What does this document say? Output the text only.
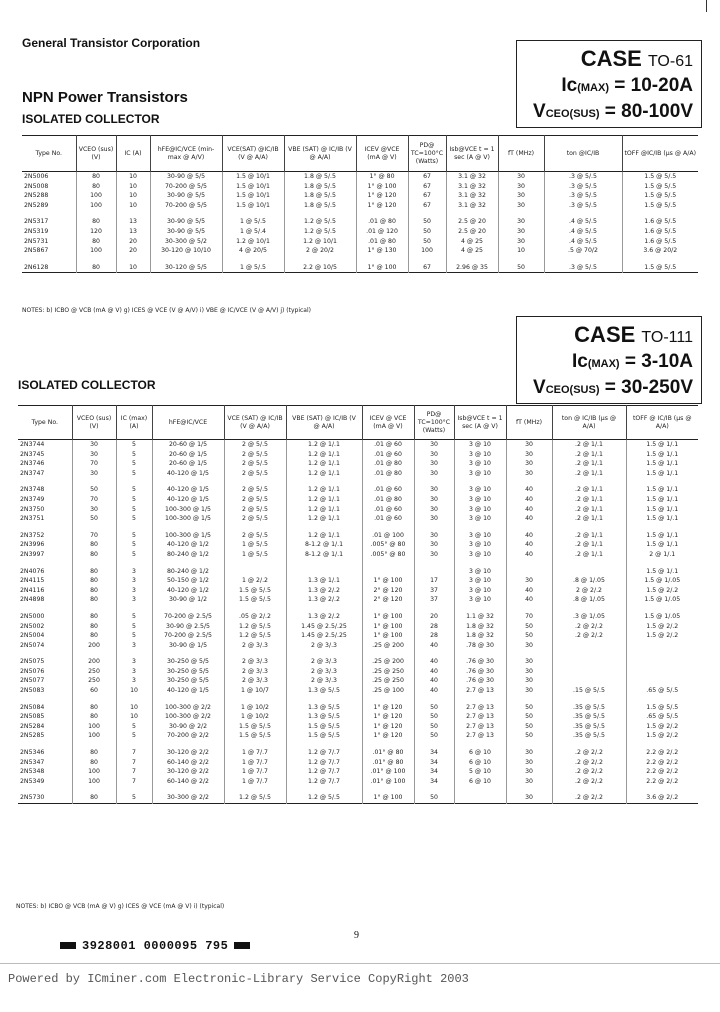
General Transistor Corporation
NPN Power Transistors
ISOLATED COLLECTOR
CASE TO-61
Ic(MAX) = 10-20A
VCEO(SUS) = 80-100V
Type No.	VCEO (sus) (V)	IC (A)	hFE@IC/VCE (min-max @ A/V)	VCE(SAT) @IC/IB (V @ A/A)	VBE (SAT) @ IC/IB (V @ A/A)	ICEV @VCE (mA @ V)	PD@ TC=100°C (Watts)	Isb@VCE t = 1 sec (A @ V)	fT (MHz)	ton @IC/IB	tOFF @IC/IB (µs @ A/A)
2N5006	80	10	30-90 @ 5/5	1.5 @ 10/1	1.8 @ 5/.5	1° @ 80	67	3.1 @ 32	30	.3 @ 5/.5	1.5 @ 5/.5
2N5008	80	10	70-200 @ 5/5	1.5 @ 10/1	1.8 @ 5/.5	1° @ 100	67	3.1 @ 32	30	.3 @ 5/.5	1.5 @ 5/.5
2N5288	100	10	30-90 @ 5/5	1.5 @ 10/1	1.8 @ 5/.5	1° @ 120	67	3.1 @ 32	30	.3 @ 5/.5	1.5 @ 5/.5
2N5289	100	10	70-200 @ 5/5	1.5 @ 10/1	1.8 @ 5/.5	1° @ 120	67	3.1 @ 32	30	.3 @ 5/.5	1.5 @ 5/.5
2N5317	80	13	30-90 @ 5/5	1 @ 5/.5	1.2 @ 5/.5	.01 @ 80	50	2.5 @ 20	30	.4 @ 5/.5	1.6 @ 5/.5
2N5319	120	13	30-90 @ 5/5	1 @ 5/.4	1.2 @ 5/.5	.01 @ 120	50	2.5 @ 20	30	.4 @ 5/.5	1.6 @ 5/.5
2N5731	80	20	30-300 @ 5/2	1.2 @ 10/1	1.2 @ 10/1	.01 @ 80	50	4 @ 25	30	.4 @ 5/.5	1.6 @ 5/.5
2N5867	100	20	30-120 @ 10/10	4 @ 20/5	2 @ 20/2	1° @ 130	100	4 @ 25	10	.5 @ 70/2	3.6 @ 20/2
2N6128	80	10	30-120 @ 5/5	1 @ 5/.5	2.2 @ 10/5	1° @ 100	67	2.96 @ 35	50	.3 @ 5/.5	1.5 @ 5/.5
NOTES: b) ICBO @ VCB (mA @ V) g) ICES @ VCE (V @ A/V) i) VBE @ IC/VCE (V @ A/V) j) (typical)
CASE TO-111
Ic(MAX) = 3-10A
VCEO(SUS) = 30-250V
ISOLATED COLLECTOR
Type No.	VCEO (sus) (V)	IC (max) (A)	hFE@IC/VCE	VCE (SAT) @ IC/IB (V @ A/A)	VBE (SAT) @ IC/IB (V @ A/A)	ICEV @ VCE (mA @ V)	PD@ TC=100°C (Watts)	Isb@VCE t = 1 sec (A @ V)	fT (MHz)	ton @ IC/IB (µs @ A/A)	tOFF @ IC/IB (µs @ A/A)
2N3744	30	5	20-60 @ 1/5	2 @ 5/.5	1.2 @ 1/.1	.01 @ 60	30	3 @ 10	30	.2 @ 1/.1	1.5 @ 1/.1
2N3745	30	5	20-60 @ 1/5	2 @ 5/.5	1.2 @ 1/.1	.01 @ 60	30	3 @ 10	30	.2 @ 1/.1	1.5 @ 1/.1
2N3746	70	5	20-60 @ 1/5	2 @ 5/.5	1.2 @ 1/.1	.01 @ 80	30	3 @ 10	30	.2 @ 1/.1	1.5 @ 1/.1
2N3747	30	5	40-120 @ 1/5	2 @ 5/.5	1.2 @ 1/.1	.01 @ 80	30	3 @ 10	30	.2 @ 1/.1	1.5 @ 1/.1
2N3748	50	5	40-120 @ 1/5	2 @ 5/.5	1.2 @ 1/.1	.01 @ 60	30	3 @ 10	40	.2 @ 1/.1	1.5 @ 1/.1
2N3749	70	5	40-120 @ 1/5	2 @ 5/.5	1.2 @ 1/.1	.01 @ 80	30	3 @ 10	40	.2 @ 1/.1	1.5 @ 1/.1
2N3750	30	5	100-300 @ 1/5	2 @ 5/.5	1.2 @ 1/.1	.01 @ 60	30	3 @ 10	40	.2 @ 1/.1	1.5 @ 1/.1
2N3751	50	5	100-300 @ 1/5	2 @ 5/.5	1.2 @ 1/.1	.01 @ 60	30	3 @ 10	40	.2 @ 1/.1	1.5 @ 1/.1
2N3752	70	5	100-300 @ 1/5	2 @ 5/.5	1.2 @ 1/.1	.01 @ 100	30	3 @ 10	40	.2 @ 1/.1	1.5 @ 1/.1
2N3996	80	5	40-120 @ 1/2	1 @ 5/.5	8-1.2 @ 1/.1	.005° @ 80	30	3 @ 10	40	.2 @ 1/.1	1.5 @ 1/.1
2N3997	80	5	80-240 @ 1/2	1 @ 5/.5	8-1.2 @ 1/.1	.005° @ 80	30	3 @ 10	40	.2 @ 1/.1	2 @ 1/.1
2N4076	80	3	80-240 @ 1/2					3 @ 10			1.5 @ 1/.1
2N4115	80	3	50-150 @ 1/2	1 @ 2/.2	1.3 @ 1/.1	1° @ 100	17	3 @ 10	30	.8 @ 1/.05	1.5 @ 1/.05
2N4116	80	3	40-120 @ 1/2	1.5 @ 5/.5	1.3 @ 2/.2	2° @ 120	37	3 @ 10	40	2 @ 2/.2	1.5 @ 2/.2
2N4898	80	3	30-90 @ 1/2	1.5 @ 5/.5	1.3 @ 2/.2	2° @ 120	37	3 @ 10	40	.8 @ 1/.05	1.5 @ 1/.05
2N5000	80	5	70-200 @ 2.5/5	.05 @ 2/.2	1.3 @ 2/.2	1° @ 100	20	1.1 @ 32	70	.3 @ 1/.05	1.5 @ 1/.05
2N5002	80	5	30-90 @ 2.5/5	1.2 @ 5/.5	1.45 @ 2.5/.25	1° @ 100	28	1.8 @ 32	50	.2 @ 2/.2	1.5 @ 2/.2
2N5004	80	5	70-200 @ 2.5/5	1.2 @ 5/.5	1.45 @ 2.5/.25	1° @ 100	28	1.8 @ 32	50	.2 @ 2/.2	1.5 @ 2/.2
2N5074	200	3	30-90 @ 1/5	2 @ 3/.3	2 @ 3/.3	.25 @ 200	40	.78 @ 30	30		
2N5075	200	3	30-250 @ 5/5	2 @ 3/.3	2 @ 3/.3	.25 @ 200	40	.76 @ 30	30		
2N5076	250	3	30-250 @ 5/5	2 @ 3/.3	2 @ 3/.3	.25 @ 250	40	.76 @ 30	30		
2N5077	250	3	30-250 @ 5/5	2 @ 3/.3	2 @ 3/.3	.25 @ 250	40	.76 @ 30	30		
2N5083	60	10	40-120 @ 1/5	1 @ 10/7	1.3 @ 5/.5	.25 @ 100	40	2.7 @ 13	30	.15 @ 5/.5	.65 @ 5/.5
2N5084	80	10	100-300 @ 2/2	1 @ 10/2	1.3 @ 5/.5	1° @ 120	50	2.7 @ 13	50	.35 @ 5/.5	1.5 @ 5/.5
2N5085	80	10	100-300 @ 2/2	1 @ 10/2	1.3 @ 5/.5	1° @ 120	50	2.7 @ 13	50	.35 @ 5/.5	.65 @ 5/.5
2N5284	100	5	30-90 @ 2/2	1.5 @ 5/.5	1.5 @ 5/.5	1° @ 120	50	2.7 @ 13	50	.35 @ 5/.5	1.5 @ 2/.2
2N5285	100	5	70-200 @ 2/2	1.5 @ 5/.5	1.5 @ 5/.5	1° @ 120	50	2.7 @ 13	50	.35 @ 5/.5	1.5 @ 2/.2
2N5346	80	7	30-120 @ 2/2	1 @ 7/.7	1.2 @ 7/.7	.01° @ 80	34	6 @ 10	30	.2 @ 2/.2	2.2 @ 2/.2
2N5347	80	7	60-140 @ 2/2	1 @ 7/.7	1.2 @ 7/.7	.01° @ 80	34	6 @ 10	30	.2 @ 2/.2	2.2 @ 2/.2
2N5348	100	7	30-120 @ 2/2	1 @ 7/.7	1.2 @ 7/.7	.01° @ 100	34	5 @ 10	30	.2 @ 2/.2	2.2 @ 2/.2
2N5349	100	7	60-140 @ 2/2	1 @ 7/.7	1.2 @ 7/.7	.01° @ 100	34	6 @ 10	30	.2 @ 2/.2	2.2 @ 2/.2
2N5730	80	5	30-300 @ 2/2	1.2 @ 5/.5	1.2 @ 5/.5	1° @ 100	50		30	.2 @ 2/.2	3.6 @ 2/.2
NOTES: b) ICBO @ VCB (mA @ V) g) ICES @ VCE (mA @ V) i) (typical)
9
3928001 0000095 795
Powered by ICminer.com Electronic-Library Service CopyRight 2003
